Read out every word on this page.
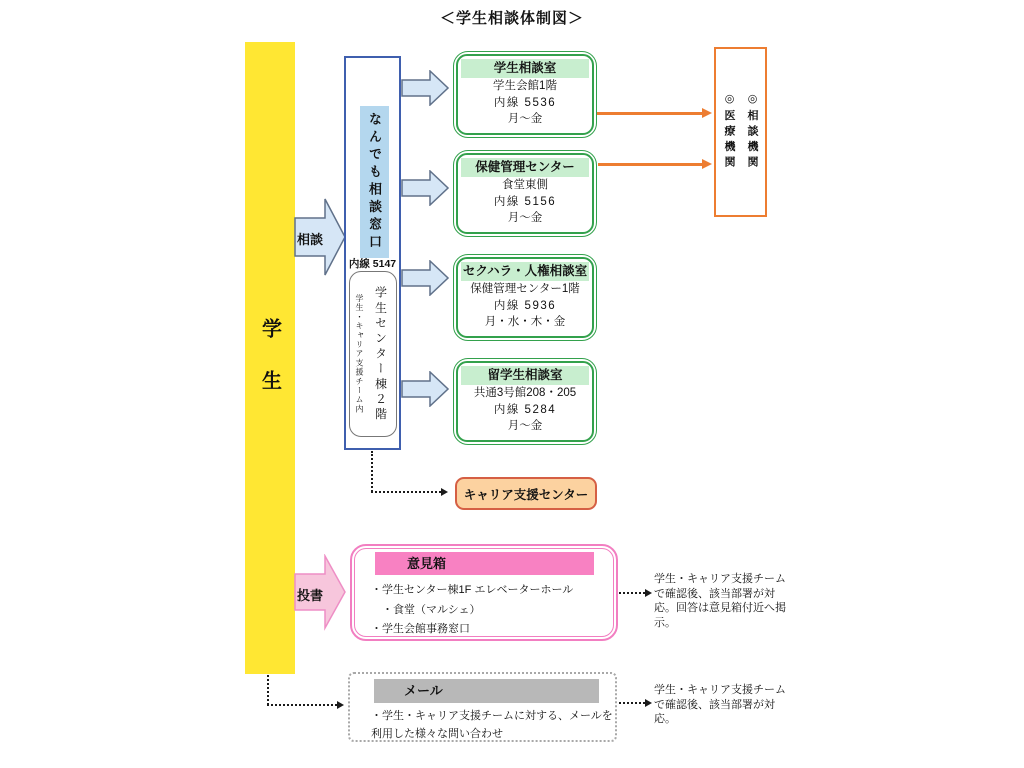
＜学生相談体制図＞
学生
相談	なんでも相談窓口
内線 5147
学生センター棟２階
学生・キャリア支援チーム内
学生相談室
学生会館1階
内線 5536
月～金
保健管理センター
食堂東側
内線 5156
月～金
セクハラ・人権相談室
保健管理センター1階
内線 5936
月・水・木・金
留学生相談室
共通3号館208・205
内線 5284
月～金
◎医療機関 ◎相談機関
キャリア支援センター
投書
意見箱
・学生センター棟1F エレベーターホール
　・食堂（マルシェ）
・学生会館事務窓口
学生・キャリア支援チームで確認後、該当部署が対応。回答は意見箱付近へ掲示。
メール
・学生・キャリア支援チームに対する、メールを利用した様々な問い合わせ
学生・キャリア支援チームで確認後、該当部署が対応。
